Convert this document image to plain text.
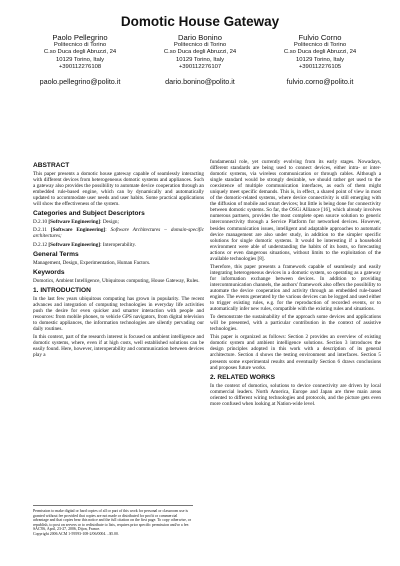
Domotic House Gateway
Paolo Pellegrino
Politecnico di Torino
C.so Duca degli Abruzzi, 24
10129 Torino, Italy
+390112276108
paolo.pellegrino@polito.it
Dario Bonino
Politecnico di Torino
C.so Duca degli Abruzzi, 24
10129 Torino, Italy
+390112276107
dario.bonino@polito.it
Fulvio Corno
Politecnico di Torino
C.so Duca degli Abruzzi, 24
10129 Torino, Italy
+390112276105
fulvio.corno@polito.it
ABSTRACT

This paper presents a domotic house gateway capable of seamlessly interacting with different devices from heterogeneous domotic systems and appliances. Such a gateway also provides the possibility to automate device cooperation through an embedded rule-based engine, which can by dynamically and automatically updated to accommodate user needs and user habits. Some practical applications will show the effectiveness of the system.

Categories and Subject Descriptors

D.2.10 [Software Engineering]: Design;

D.2.11 [Software Engineering]: Software Architectures – domain-specific architectures;

D.2.12 [Software Engineering]: Interoperability.

General Terms

Management, Design, Experimentation, Human Factors.

Keywords

Domotics, Ambient Intelligence, Ubiquitous computing, House Gateway, Rules.

1. INTRODUCTION

In the last few years ubiquitous computing has grown in popularity. The recent advances and integration of computing technologies in everyday life activities push the desire for even quicker and smarter interaction with people and resources: from mobile phones, to vehicle GPS navigators, from digital television to domestic appliances, the information technologies are silently pervading our daily routines.

In this context, part of the research interest is focused on ambient intelligence and domotic systems, where, even if at high costs, well established solutions can be easily found. Here, however, interoperability and communication between devices play a

Permission to make digital or hard copies of all or part of this work for personal or classroom use is granted without fee provided that copies are not made or distributed for profit or commercial advantage and that copies bear this notice and the full citation on the first page. To copy otherwise, or republish, to post on servers or to redistribute to lists, requires prior specific permission and/or a fee.

SAC'06, April, 23-27, 2006, Dijon, France.

Copyright 2006 ACM 1-59593-108-2/06/0004…$5.00.

fundamental role, yet currently evolving from its early stages. Nowadays, different standards are being used to connect devices, either intra- or inter-domotic systems, via wireless communication or through cables. Although a single standard would be strongly desirable, we should rather get used to the coexistence of multiple communication interfaces, as each of them might uniquely meet specific demands. This is, in effect, a shared point of view in most of the domotic-related systems, where device connectivity is still emerging with the diffusion of mobile and smart devices; but little is being done for connectivity between domotic systems. So far, the OSGi Alliance [16], which already involves numerous partners, provides the most complete open source solution to generic interconnectivity through a Service Platform for networked devices. However, besides communication issues, intelligent and adaptable approaches to automatic device management are also under study, in addition to the simpler specific solutions for single domotic systems. It would be interesting if a household environment were able of understanding the habits of its hosts, so forecasting actions or even dangerous situations, without limits to the exploitation of the available technologies [8].

Therefore, this paper presents a framework capable of seamlessly and easily integrating heterogeneous devices in a domotic system, so operating as a gateway for information exchange between devices. In addition to providing intercommunication channels, the authors' framework also offers the possibility to automate the device cooperation and activity through an embedded rule-based engine. The events generated by the various devices can be logged and used either to trigger existing rules, e.g. for the reproduction of recorded events, or to automatically infer new rules, compatible with the existing rules and situations.

To demonstrate the sustainability of the approach some devices and applications will be presented, with a particular contribution in the context of assistive technologies.

This paper is organized as follows: Section 2 provides an overview of existing domotic system and ambient intelligence solutions. Section 3 introduces the design principles adopted in this work with a description of its general architecture. Section 4 shows the testing environment and interfaces. Section 5 presents some experimental results and eventually Section 6 draws conclusions and proposes future works.

2. RELATED WORKS

In the context of domotics, solutions to device connectivity are driven by local commercial leaders. North America, Europe and Japan are three main areas oriented to different wiring technologies and protocols, and the picture gets even more confused when looking at Nation-wide level.
